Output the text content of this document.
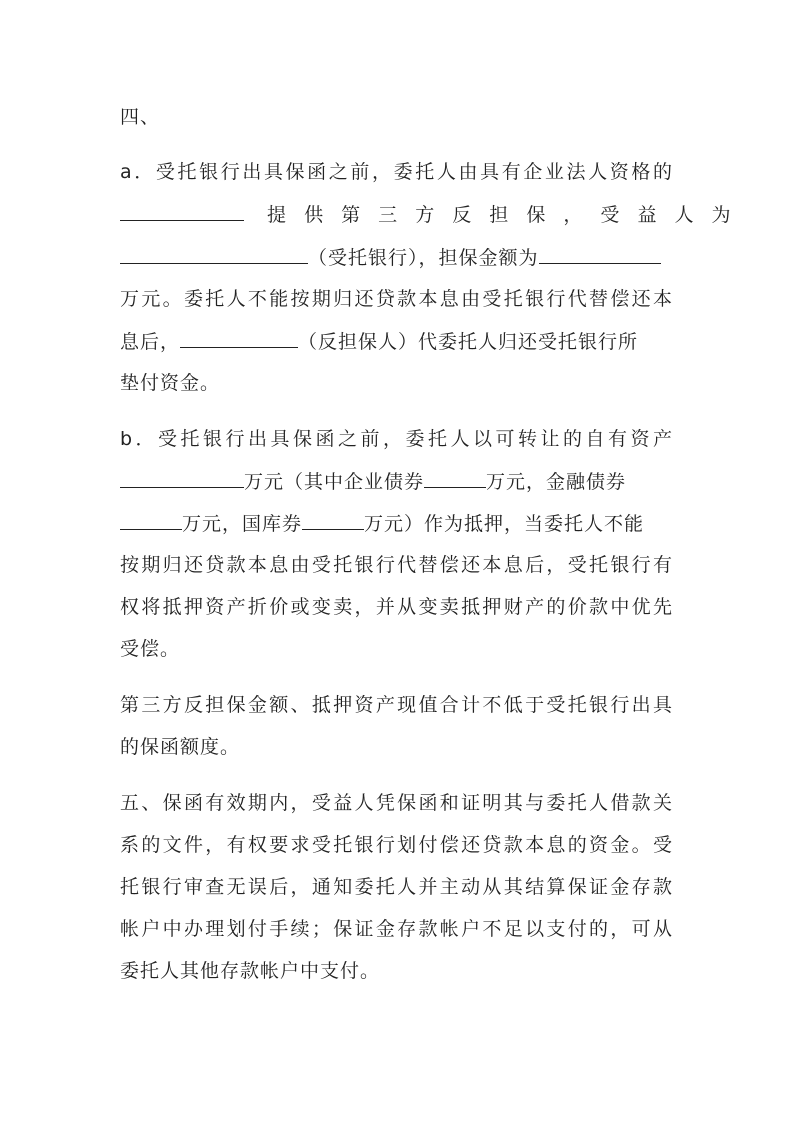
四、
a．受托银行出具保函之前，委托人由具有企业法人资格的
提 供 第 三 方 反 担 保 ， 受 益 人 为
（受托银行），担保金额为
万元。委托人不能按期归还贷款本息由受托银行代替偿还本
息后，	（反担保人）代委托人归还受托银行所
垫付资金。
b．受托银行出具保函之前，委托人以可转让的自有资产
万元（其中企业债券	万元，金融债券
万元，国库券	万元）作为抵押，当委托人不能
按期归还贷款本息由受托银行代替偿还本息后，受托银行有
权将抵押资产折价或变卖，并从变卖抵押财产的价款中优先
受偿。
第三方反担保金额、抵押资产现值合计不低于受托银行出具
的保函额度。
五、保函有效期内，受益人凭保函和证明其与委托人借款关
系的文件，有权要求受托银行划付偿还贷款本息的资金。受
托银行审查无误后，通知委托人并主动从其结算保证金存款
帐户中办理划付手续；保证金存款帐户不足以支付的，可从
委托人其他存款帐户中支付。
